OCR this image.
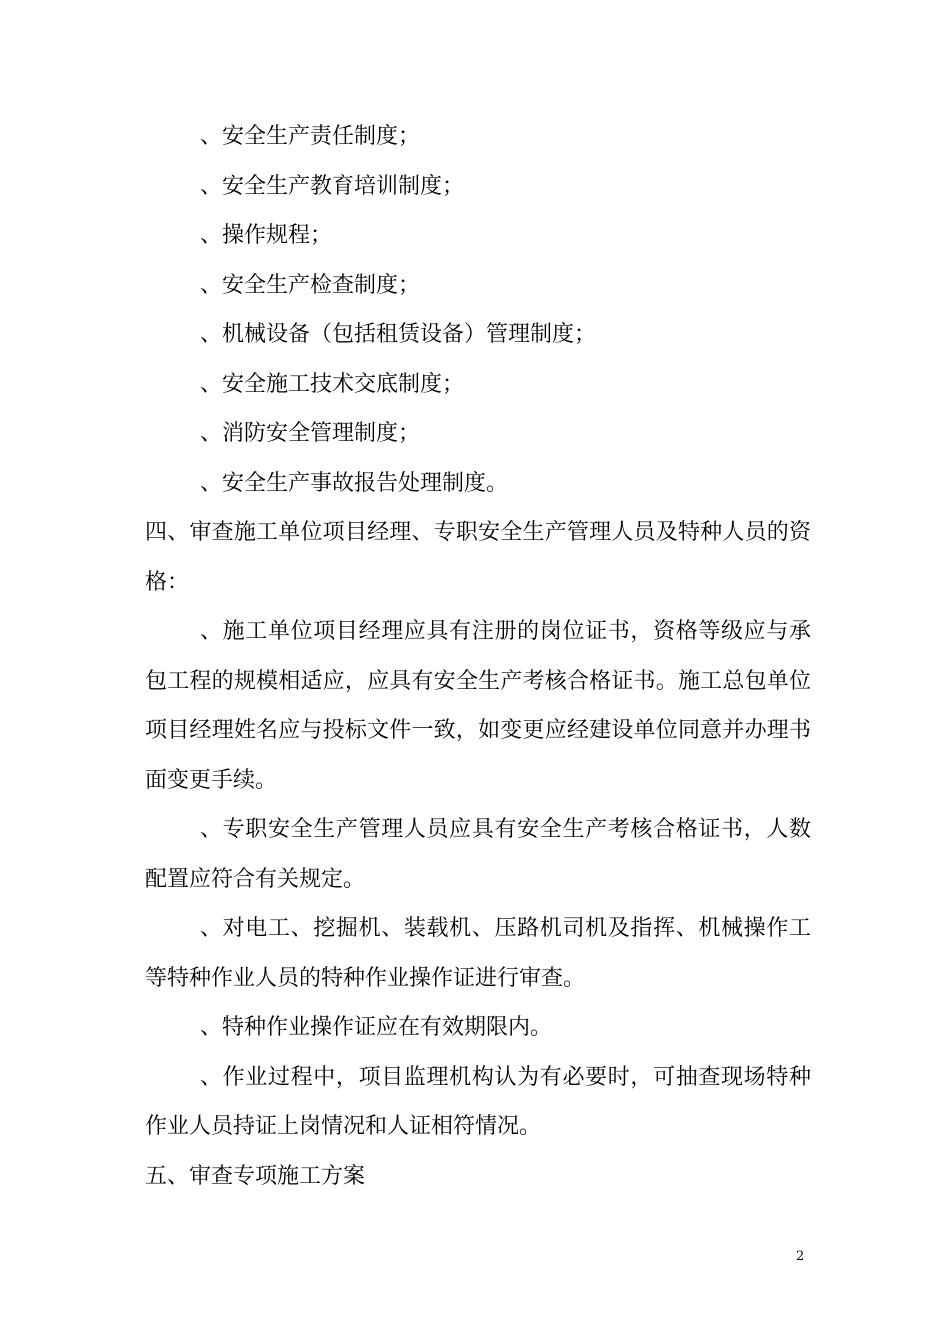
、安全生产责任制度；
、安全生产教育培训制度；
、操作规程；
、安全生产检查制度；
、机械设备（包括租赁设备）管理制度；
、安全施工技术交底制度；
、消防安全管理制度；
、安全生产事故报告处理制度。
四、审查施工单位项目经理、专职安全生产管理人员及特种人员的资格：
、施工单位项目经理应具有注册的岗位证书，资格等级应与承包工程的规模相适应，应具有安全生产考核合格证书。施工总包单位项目经理姓名应与投标文件一致，如变更应经建设单位同意并办理书面变更手续。
、专职安全生产管理人员应具有安全生产考核合格证书，人数配置应符合有关规定。
、对电工、挖掘机、装载机、压路机司机及指挥、机械操作工等特种作业人员的特种作业操作证进行审查。
、特种作业操作证应在有效期限内。
、作业过程中，项目监理机构认为有必要时，可抽查现场特种作业人员持证上岗情况和人证相符情况。
五、审查专项施工方案
2
